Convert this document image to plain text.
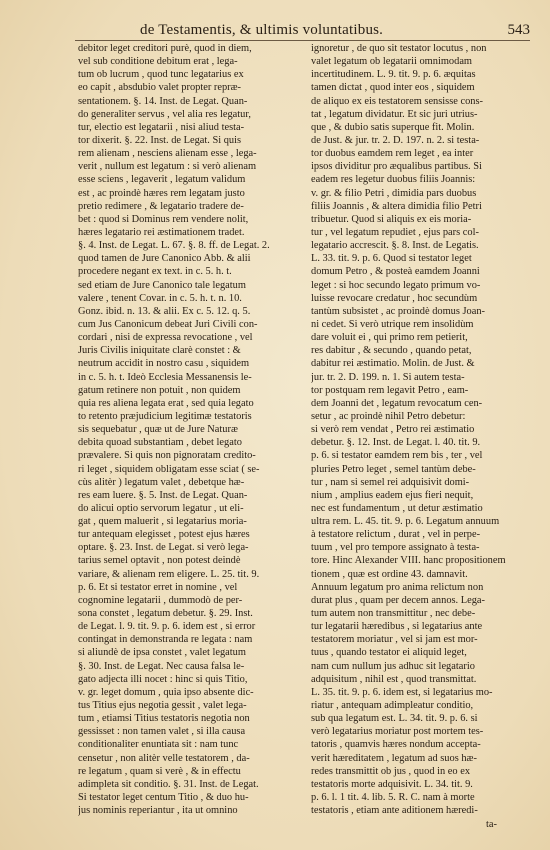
de Testamentis, & ultimis voluntatibus.	543
debitor leget creditori purè, quod in diem,
vel sub conditione debitum erat , lega-
tum ob lucrum , quod tunc legatarius ex
eo capit , absdubio valet propter repræ-
sentationem. §. 14. Inst. de Legat. Quan-
do generaliter servus , vel alia res legatur,
tur, electio est legatarii , nisi aliud testa-
tor dixerit. §. 22. Inst. de Legat. Si quis
rem alienam , nesciens alienam esse , lega-
verit , nullum est legatum : si verò alienam
esse sciens , legaverit , legatum validum
est , ac proindè hæres rem legatam justo
pretio redimere , & legatario tradere de-
bet : quod si Dominus rem vendere nolit,
hæres legatario rei æstimationem tradet.
§. 4. Inst. de Legat. L. 67. §. 8. ff. de Legat. 2.
quod tamen de Jure Canonico Abb. & alii
procedere negant ex text. in c. 5. h. t.
sed etiam de Jure Canonico tale legatum
valere , tenent Covar. in c. 5. h. t. n. 10.
Gonz. ibid. n. 13. & alii. Ex c. 5. 12. q. 5.
cum Jus Canonicum debeat Juri Civili con-
cordari , nisi de expressa revocatione , vel
Juris Civilis iniquitate clarè constet : &
neutrum accidit in nostro casu , siquidem
in c. 5. h. t. Ideò Ecclesia Messanensis le-
gatum retinere non potuit , non quidem
quia res aliena legata erat , sed quia legato
to retento præjudicium legitimæ testatoris
sis sequebatur , quæ ut de Jure Naturæ
debita quoad substantiam , debet legato
prævalere. Si quis non pignoratam credito-
ri leget , siquidem obligatam esse sciat ( se-
cùs alitèr ) legatum valet , debetque hæ-
res eam luere. §. 5. Inst. de Legat. Quan-
do alicui optio servorum legatur , ut eli-
gat , quem maluerit , si legatarius moria-
tur antequam elegisset , potest ejus hæres
optare. §. 23. Inst. de Legat. si verò lega-
tarius semel optavit , non potest deindè
variare, & alienam rem eligere. L. 25. tit. 9.
p. 6. Et si testator erret in nomine , vel
cognomine legatarii , dummodò de per-
sona constet , legatum debetur. §. 29. Inst.
de Legat. l. 9. tit. 9. p. 6. idem est , si error
contingat in demonstranda re legata : nam
si aliundè de ipsa constet , valet legatum
§. 30. Inst. de Legat. Nec causa falsa le-
gato adjecta illi nocet : hinc si quis Titio,
v. gr. leget domum , quia ipso absente dic-
tus Titius ejus negotia gessit , valet lega-
tum , etiamsi Titius testatoris negotia non
gessisset : non tamen valet , si illa causa
conditionaliter enuntiata sit : nam tunc
censetur , non alitèr velle testatorem , da-
re legatum , quam si verè , & in effectu
adimpleta sit conditio. §. 31. Inst. de Legat.
Si testator leget centum Titio , & duo hu-
jus nominis reperiantur , ita ut omnino
ignoretur , de quo sit testator locutus , non
valet legatum ob legatarii omnimodam
incertitudinem. L. 9. tit. 9. p. 6. æquitas
tamen dictat , quod inter eos , siquidem
de aliquo ex eis testatorem sensisse cons-
tat , legatum dividatur. Et sic juri utrius-
que , & dubio satis superque fit. Molin.
de Just. & jur. tr. 2. D. 197. n. 2. si testa-
tor duobus eamdem rem leget , ea inter
ipsos dividitur pro æqualibus partibus. Si
eadem res legetur duobus filiis Joannis:
v. gr. & filio Petri , dimidia pars duobus
filiis Joannis , & altera dimidia filio Petri
tribuetur. Quod si aliquis ex eis moria-
tur , vel legatum repudiet , ejus pars col-
legatario accrescit. §. 8. Inst. de Legatis.
L. 33. tit. 9. p. 6. Quod si testator leget
domum Petro , & posteà eamdem Joanni
leget : si hoc secundo legato primum vo-
luisse revocare credatur , hoc secundùm
tantùm subsistet , ac proindè domus Joan-
ni cedet. Si verò utrique rem insolidùm
dare voluit ei , qui primo rem petierit,
res dabitur , & secundo , quando petat,
dabitur rei æstimatio. Molin. de Just. &
jur. tr. 2. D. 199. n. 1. Si autem testa-
tor postquam rem legavit Petro , eam-
dem Joanni det , legatum revocatum cen-
setur , ac proindè nihil Petro debetur:
si verò rem vendat , Petro rei æstimatio
debetur. §. 12. Inst. de Legat. l. 40. tit. 9.
p. 6. si testator eamdem rem bis , ter , vel
pluries Petro leget , semel tantùm debe-
tur , nam si semel rei adquisivit domi-
nium , amplius eadem ejus fieri nequit,
nec est fundamentum , ut detur æstimatio
ultra rem. L. 45. tit. 9. p. 6. Legatum annuum
à testatore relictum , durat , vel in perpe-
tuum , vel pro tempore assignato à testa-
tore. Hinc Alexander VIII. hanc propositionem
tionem , quæ est ordine 43. damnavit.
Annuum legatum pro anima relictum non
durat plus , quam per decem annos. Lega-
tum autem non transmittitur , nec debe-
tur legatarii hæredibus , si legatarius ante
testatorem moriatur , vel si jam est mor-
tuus , quando testator ei aliquid leget,
nam cum nullum jus adhuc sit legatario
adquisitum , nihil est , quod transmittat.
L. 35. tit. 9. p. 6. idem est, si legatarius mo-
riatur , antequam adimpleatur conditio,
sub qua legatum est. L. 34. tit. 9. p. 6. si
verò legatarius moriatur post mortem tes-
tatoris , quamvis hæres nondum accepta-
verit hæreditatem , legatum ad suos hæ-
redes transmittit ob jus , quod in eo ex
testatoris morte adquisivit. L. 34. tit. 9.
p. 6. l. 1 tit. 4. lib. 5. R. C. nam à morte
testatoris , etiam ante aditionem hæredi-
ta-
